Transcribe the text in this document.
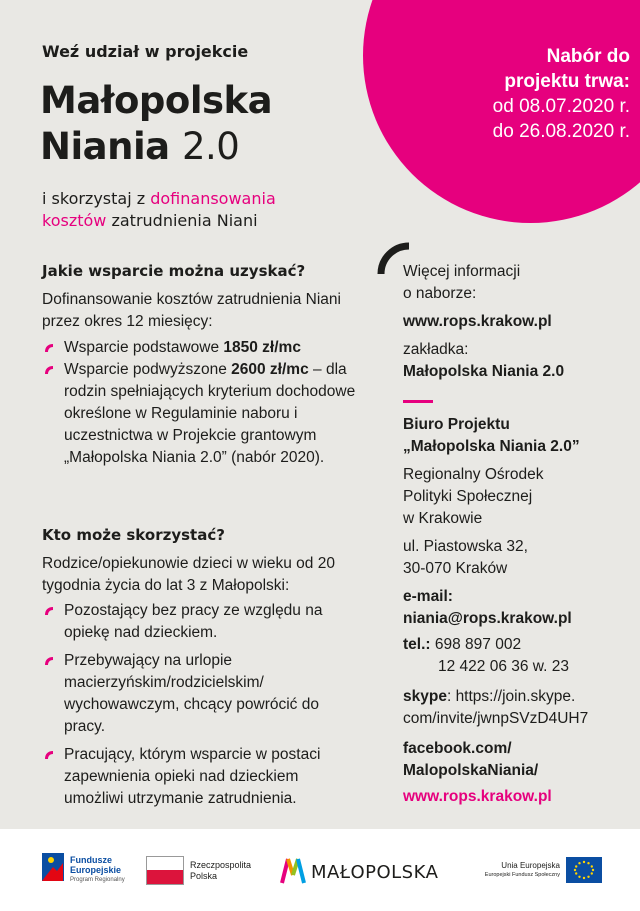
Nabór do
projektu trwa:
od 08.07.2020 r.
do 26.08.2020 r.
Weź udział w projekcie
Małopolska
Niania 2.0
i skorzystaj z dofinansowania
kosztów zatrudnienia Niani
Jakie wsparcie można uzyskać?
Dofinansowanie kosztów zatrudnienia Niani przez okres 12 miesięcy:
Wsparcie podstawowe 1850 zł/mc
Wsparcie podwyższone 2600 zł/mc – dla rodzin spełniających kryterium dochodowe określone w Regulaminie naboru i uczestnictwa w Projekcie grantowym „Małopolska Niania 2.0” (nabór 2020).
Kto może skorzystać?
Rodzice/opiekunowie dzieci w wieku od 20 tygodnia życia do lat 3 z Małopolski:
Pozostający bez pracy ze względu na opiekę nad dzieckiem.
Przebywający na urlopie macierzyńskim/rodzicielskim/ wychowawczym, chcący powrócić do pracy.
Pracujący, którym wsparcie w postaci zapewnienia opieki nad dzieckiem umożliwi utrzymanie zatrudnienia.
Więcej informacji
o naborze:
www.rops.krakow.pl
zakładka:
Małopolska Niania 2.0
Biuro Projektu
„Małopolska Niania 2.0”
Regionalny Ośrodek
Polityki Społecznej
w Krakowie
ul. Piastowska 32,
30-070 Kraków
e-mail:
niania@rops.krakow.pl
tel.: 698 897 002
12 422 06 36 w. 23
skype: https://join.skype.
com/invite/jwnpSVzD4UH7
facebook.com/
MalopolskaNiania/
www.rops.krakow.pl
Fundusze
Europejskie
Program Regionalny
Rzeczpospolita
Polska	MAŁOPOLSKA	Unia Europejska
Europejski Fundusz Społeczny
